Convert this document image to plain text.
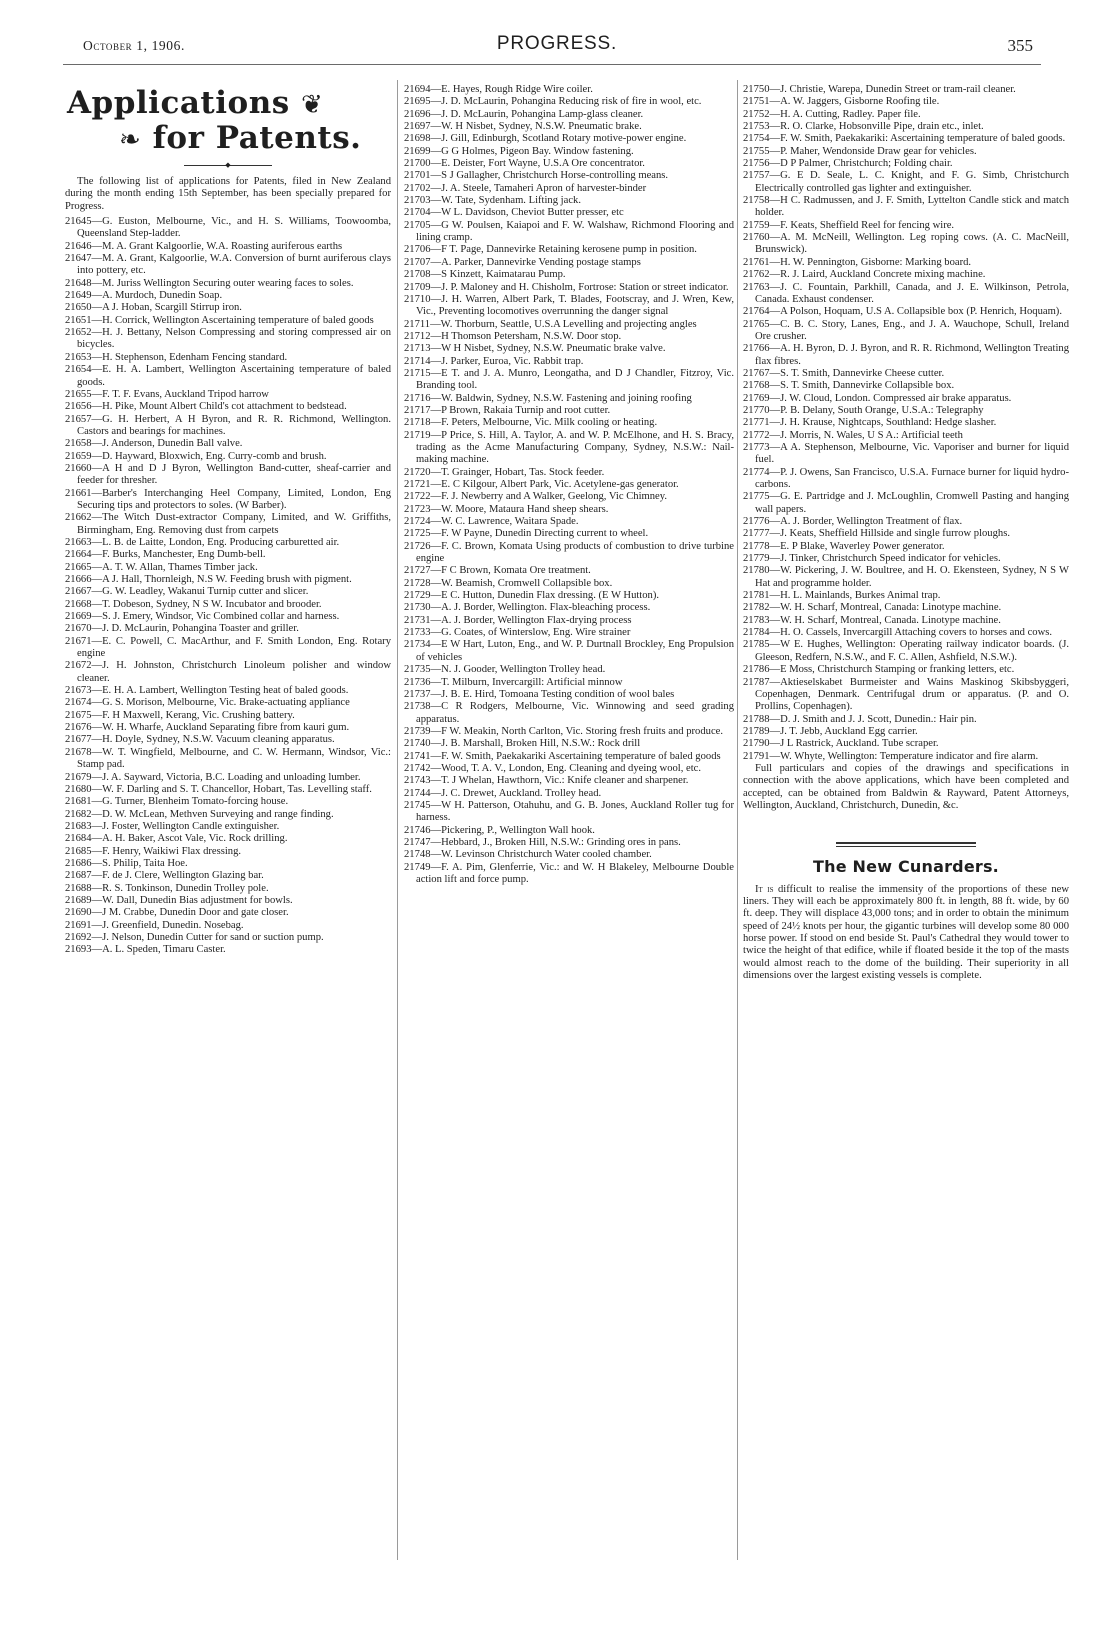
October 1, 1906.	PROGRESS.	355
Applications ❦
❧ for Patents.
◆

The following list of applications for Patents, filed in New Zealand during the month ending 15th September, has been specially prepared for Progress.

21645—G. Euston, Melbourne, Vic., and H. S. Williams, Toowoomba, Queensland Step-ladder.

21646—M. A. Grant Kalgoorlie, W.A. Roasting auriferous earths

21647—M. A. Grant, Kalgoorlie, W.A. Conversion of burnt auriferous clays into pottery, etc.

21648—M. Juriss Wellington Securing outer wearing faces to soles.

21649—A. Murdoch, Dunedin Soap.

21650—A J. Hoban, Scargill Stirrup iron.

21651—H. Corrick, Wellington Ascertaining temperature of baled goods

21652—H. J. Bettany, Nelson Compressing and storing compressed air on bicycles.

21653—H. Stephenson, Edenham Fencing standard.

21654—E. H. A. Lambert, Wellington Ascertaining temperature of baled goods.

21655—F. T. F. Evans, Auckland Tripod harrow

21656—H. Pike, Mount Albert Child's cot attachment to bedstead.

21657—G. H. Herbert, A H Byron, and R. R. Richmond, Wellington. Castors and bearings for machines.

21658—J. Anderson, Dunedin Ball valve.

21659—D. Hayward, Bloxwich, Eng. Curry-comb and brush.

21660—A H and D J Byron, Wellington Band-cutter, sheaf-carrier and feeder for thresher.

21661—Barber's Interchanging Heel Company, Limited, London, Eng Securing tips and protectors to soles. (W Barber).

21662—The Witch Dust-extractor Company, Limited, and W. Griffiths, Birmingham, Eng. Removing dust from carpets

21663—L. B. de Laitte, London, Eng. Producing carburetted air.

21664—F. Burks, Manchester, Eng Dumb-bell.

21665—A. T. W. Allan, Thames Timber jack.

21666—A J. Hall, Thornleigh, N.S W. Feeding brush with pigment.

21667—G. W. Leadley, Wakanui Turnip cutter and slicer.

21668—T. Dobeson, Sydney, N S W. Incubator and brooder.

21669—S. J. Emery, Windsor, Vic Combined collar and harness.

21670—J. D. McLaurin, Pohangina Toaster and griller.

21671—E. C. Powell, C. MacArthur, and F. Smith London, Eng. Rotary engine

21672—J. H. Johnston, Christchurch Linoleum polisher and window cleaner.

21673—E. H. A. Lambert, Wellington Testing heat of baled goods.

21674—G. S. Morison, Melbourne, Vic. Brake-actuating appliance

21675—F. H Maxwell, Kerang, Vic. Crushing battery.

21676—W. H. Wharfe, Auckland Separating fibre from kauri gum.

21677—H. Doyle, Sydney, N.S.W. Vacuum cleaning apparatus.

21678—W. T. Wingfield, Melbourne, and C. W. Hermann, Windsor, Vic.: Stamp pad.

21679—J. A. Sayward, Victoria, B.C. Loading and unloading lumber.

21680—W. F. Darling and S. T. Chancellor, Hobart, Tas. Levelling staff.

21681—G. Turner, Blenheim Tomato-forcing house.

21682—D. W. McLean, Methven Surveying and range finding.

21683—J. Foster, Wellington Candle extinguisher.

21684—A. H. Baker, Ascot Vale, Vic. Rock drilling.

21685—F. Henry, Waikiwi Flax dressing.

21686—S. Philip, Taita Hoe.

21687—F. de J. Clere, Wellington Glazing bar.

21688—R. S. Tonkinson, Dunedin Trolley pole.

21689—W. Dall, Dunedin Bias adjustment for bowls.

21690—J M. Crabbe, Dunedin Door and gate closer.

21691—J. Greenfield, Dunedin. Nosebag.

21692—J. Nelson, Dunedin Cutter for sand or suction pump.

21693—A. L. Speden, Timaru Caster.

21694—E. Hayes, Rough Ridge Wire coiler.

21695—J. D. McLaurin, Pohangina Reducing risk of fire in wool, etc.

21696—J. D. McLaurin, Pohangina Lamp-glass cleaner.

21697—W. H Nisbet, Sydney, N.S.W. Pneumatic brake.

21698—J. Gill, Edinburgh, Scotland Rotary motive-power engine.

21699—G G Holmes, Pigeon Bay. Window fastening.

21700—E. Deister, Fort Wayne, U.S.A Ore concentrator.

21701—S J Gallagher, Christchurch Horse-controlling means.

21702—J. A. Steele, Tamaheri Apron of harvester-binder

21703—W. Tate, Sydenham. Lifting jack.

21704—W L. Davidson, Cheviot Butter presser, etc

21705—G W. Poulsen, Kaiapoi and F. W. Walshaw, Richmond Flooring and lining cramp.

21706—F T. Page, Dannevirke Retaining kerosene pump in position.

21707—A. Parker, Dannevirke Vending postage stamps

21708—S Kinzett, Kaimatarau Pump.

21709—J. P. Maloney and H. Chisholm, Fortrose: Station or street indicator.

21710—J. H. Warren, Albert Park, T. Blades, Footscray, and J. Wren, Kew, Vic., Preventing locomotives overrunning the danger signal

21711—W. Thorburn, Seattle, U.S.A Levelling and projecting angles

21712—H Thomson Petersham, N.S.W. Door stop.

21713—W H Nisbet, Sydney, N.S.W. Pneumatic brake valve.

21714—J. Parker, Euroa, Vic. Rabbit trap.

21715—E T. and J. A. Munro, Leongatha, and D J Chandler, Fitzroy, Vic. Branding tool.

21716—W. Baldwin, Sydney, N.S.W. Fastening and joining roofing

21717—P Brown, Rakaia Turnip and root cutter.

21718—F. Peters, Melbourne, Vic. Milk cooling or heating.

21719—P Price, S. Hill, A. Taylor, A. and W. P. McElhone, and H. S. Bracy, trading as the Acme Manufacturing Company, Sydney, N.S.W.: Nail-making machine.

21720—T. Grainger, Hobart, Tas. Stock feeder.

21721—E. C Kilgour, Albert Park, Vic. Acetylene-gas generator.

21722—F. J. Newberry and A Walker, Geelong, Vic Chimney.

21723—W. Moore, Mataura Hand sheep shears.

21724—W. C. Lawrence, Waitara Spade.

21725—F. W Payne, Dunedin Directing current to wheel.

21726—F. C. Brown, Komata Using products of combustion to drive turbine engine

21727—F C Brown, Komata Ore treatment.

21728—W. Beamish, Cromwell Collapsible box.

21729—E C. Hutton, Dunedin Flax dressing. (E W Hutton).

21730—A. J. Border, Wellington. Flax-bleaching process.

21731—A. J. Border, Wellington Flax-drying process

21733—G. Coates, of Winterslow, Eng. Wire strainer

21734—E W Hart, Luton, Eng., and W. P. Durtnall Brockley, Eng Propulsion of vehicles

21735—N. J. Gooder, Wellington Trolley head.

21736—T. Milburn, Invercargill: Artificial minnow

21737—J. B. E. Hird, Tomoana Testing condition of wool bales

21738—C R Rodgers, Melbourne, Vic. Winnowing and seed grading apparatus.

21739—F W. Meakin, North Carlton, Vic. Storing fresh fruits and produce.

21740—J. B. Marshall, Broken Hill, N.S.W.: Rock drill

21741—F. W. Smith, Paekakariki Ascertaining temperature of baled goods

21742—Wood, T. A. V., London, Eng. Cleaning and dyeing wool, etc.

21743—T. J Whelan, Hawthorn, Vic.: Knife cleaner and sharpener.

21744—J. C. Drewet, Auckland. Trolley head.

21745—W H. Patterson, Otahuhu, and G. B. Jones, Auckland Roller tug for harness.

21746—Pickering, P., Wellington Wall hook.

21747—Hebbard, J., Broken Hill, N.S.W.: Grinding ores in pans.

21748—W. Levinson Christchurch Water cooled chamber.

21749—F. A. Pim, Glenferrie, Vic.: and W. H Blakeley, Melbourne Double action lift and force pump.

21750—J. Christie, Warepa, Dunedin Street or tram-rail cleaner.

21751—A. W. Jaggers, Gisborne Roofing tile.

21752—H. A. Cutting, Radley. Paper file.

21753—R. O. Clarke, Hobsonville Pipe, drain etc., inlet.

21754—F. W. Smith, Paekakariki: Ascertaining temperature of baled goods.

21755—P. Maher, Wendonside Draw gear for vehicles.

21756—D P Palmer, Christchurch; Folding chair.

21757—G. E D. Seale, L. C. Knight, and F. G. Simb, Christchurch Electrically controlled gas lighter and extinguisher.

21758—H C. Radmussen, and J. F. Smith, Lyttelton Candle stick and match holder.

21759—F. Keats, Sheffield Reel for fencing wire.

21760—A. M. McNeill, Wellington. Leg roping cows. (A. C. MacNeill, Brunswick).

21761—H. W. Pennington, Gisborne: Marking board.

21762—R. J. Laird, Auckland Concrete mixing machine.

21763—J. C. Fountain, Parkhill, Canada, and J. E. Wilkinson, Petrola, Canada. Exhaust condenser.

21764—A Polson, Hoquam, U.S A. Collapsible box (P. Henrich, Hoquam).

21765—C. B. C. Story, Lanes, Eng., and J. A. Wauchope, Schull, Ireland Ore crusher.

21766—A. H. Byron, D. J. Byron, and R. R. Richmond, Wellington Treating flax fibres.

21767—S. T. Smith, Dannevirke Cheese cutter.

21768—S. T. Smith, Dannevirke Collapsible box.

21769—J. W. Cloud, London. Compressed air brake apparatus.

21770—P. B. Delany, South Orange, U.S.A.: Telegraphy

21771—J. H. Krause, Nightcaps, Southland: Hedge slasher.

21772—J. Morris, N. Wales, U S A.: Artificial teeth

21773—A A. Stephenson, Melbourne, Vic. Vaporiser and burner for liquid fuel.

21774—P. J. Owens, San Francisco, U.S.A. Furnace burner for liquid hydro-carbons.

21775—G. E. Partridge and J. McLoughlin, Cromwell Pasting and hanging wall papers.

21776—A. J. Border, Wellington Treatment of flax.

21777—J. Keats, Sheffield Hillside and single furrow ploughs.

21778—E. P Blake, Waverley Power generator.

21779—J. Tinker, Christchurch Speed indicator for vehicles.

21780—W. Pickering, J. W. Boultree, and H. O. Ekensteen, Sydney, N S W Hat and programme holder.

21781—H. L. Mainlands, Burkes Animal trap.

21782—W. H. Scharf, Montreal, Canada: Linotype machine.

21783—W. H. Scharf, Montreal, Canada. Linotype machine.

21784—H. O. Cassels, Invercargill Attaching covers to horses and cows.

21785—W E. Hughes, Wellington: Operating railway indicator boards. (J. Gleeson, Redfern, N.S.W., and F. C. Allen, Ashfield, N.S.W.).

21786—E Moss, Christchurch Stamping or franking letters, etc.

21787—Aktieselskabet Burmeister and Wains Maskinog Skibsbyggeri, Copenhagen, Denmark. Centrifugal drum or apparatus. (P. and O. Prollins, Copenhagen).

21788—D. J. Smith and J. J. Scott, Dunedin.: Hair pin.

21789—J. T. Jebb, Auckland Egg carrier.

21790—J L Rastrick, Auckland. Tube scraper.

21791—W. Whyte, Wellington: Temperature indicator and fire alarm.

Full particulars and copies of the drawings and specifications in connection with the above applications, which have been completed and accepted, can be obtained from Baldwin & Rayward, Patent Attorneys, Wellington, Auckland, Christchurch, Dunedin, &c.

The New Cunarders.

It is difficult to realise the immensity of the proportions of these new liners. They will each be approximately 800 ft. in length, 88 ft. wide, by 60 ft. deep. They will displace 43,000 tons; and in order to obtain the minimum speed of 24½ knots per hour, the gigantic turbines will develop some 80 000 horse power. If stood on end beside St. Paul's Cathedral they would tower to twice the height of that edifice, while if floated beside it the top of the masts would almost reach to the dome of the building. Their superiority in all dimensions over the largest existing vessels is complete.
